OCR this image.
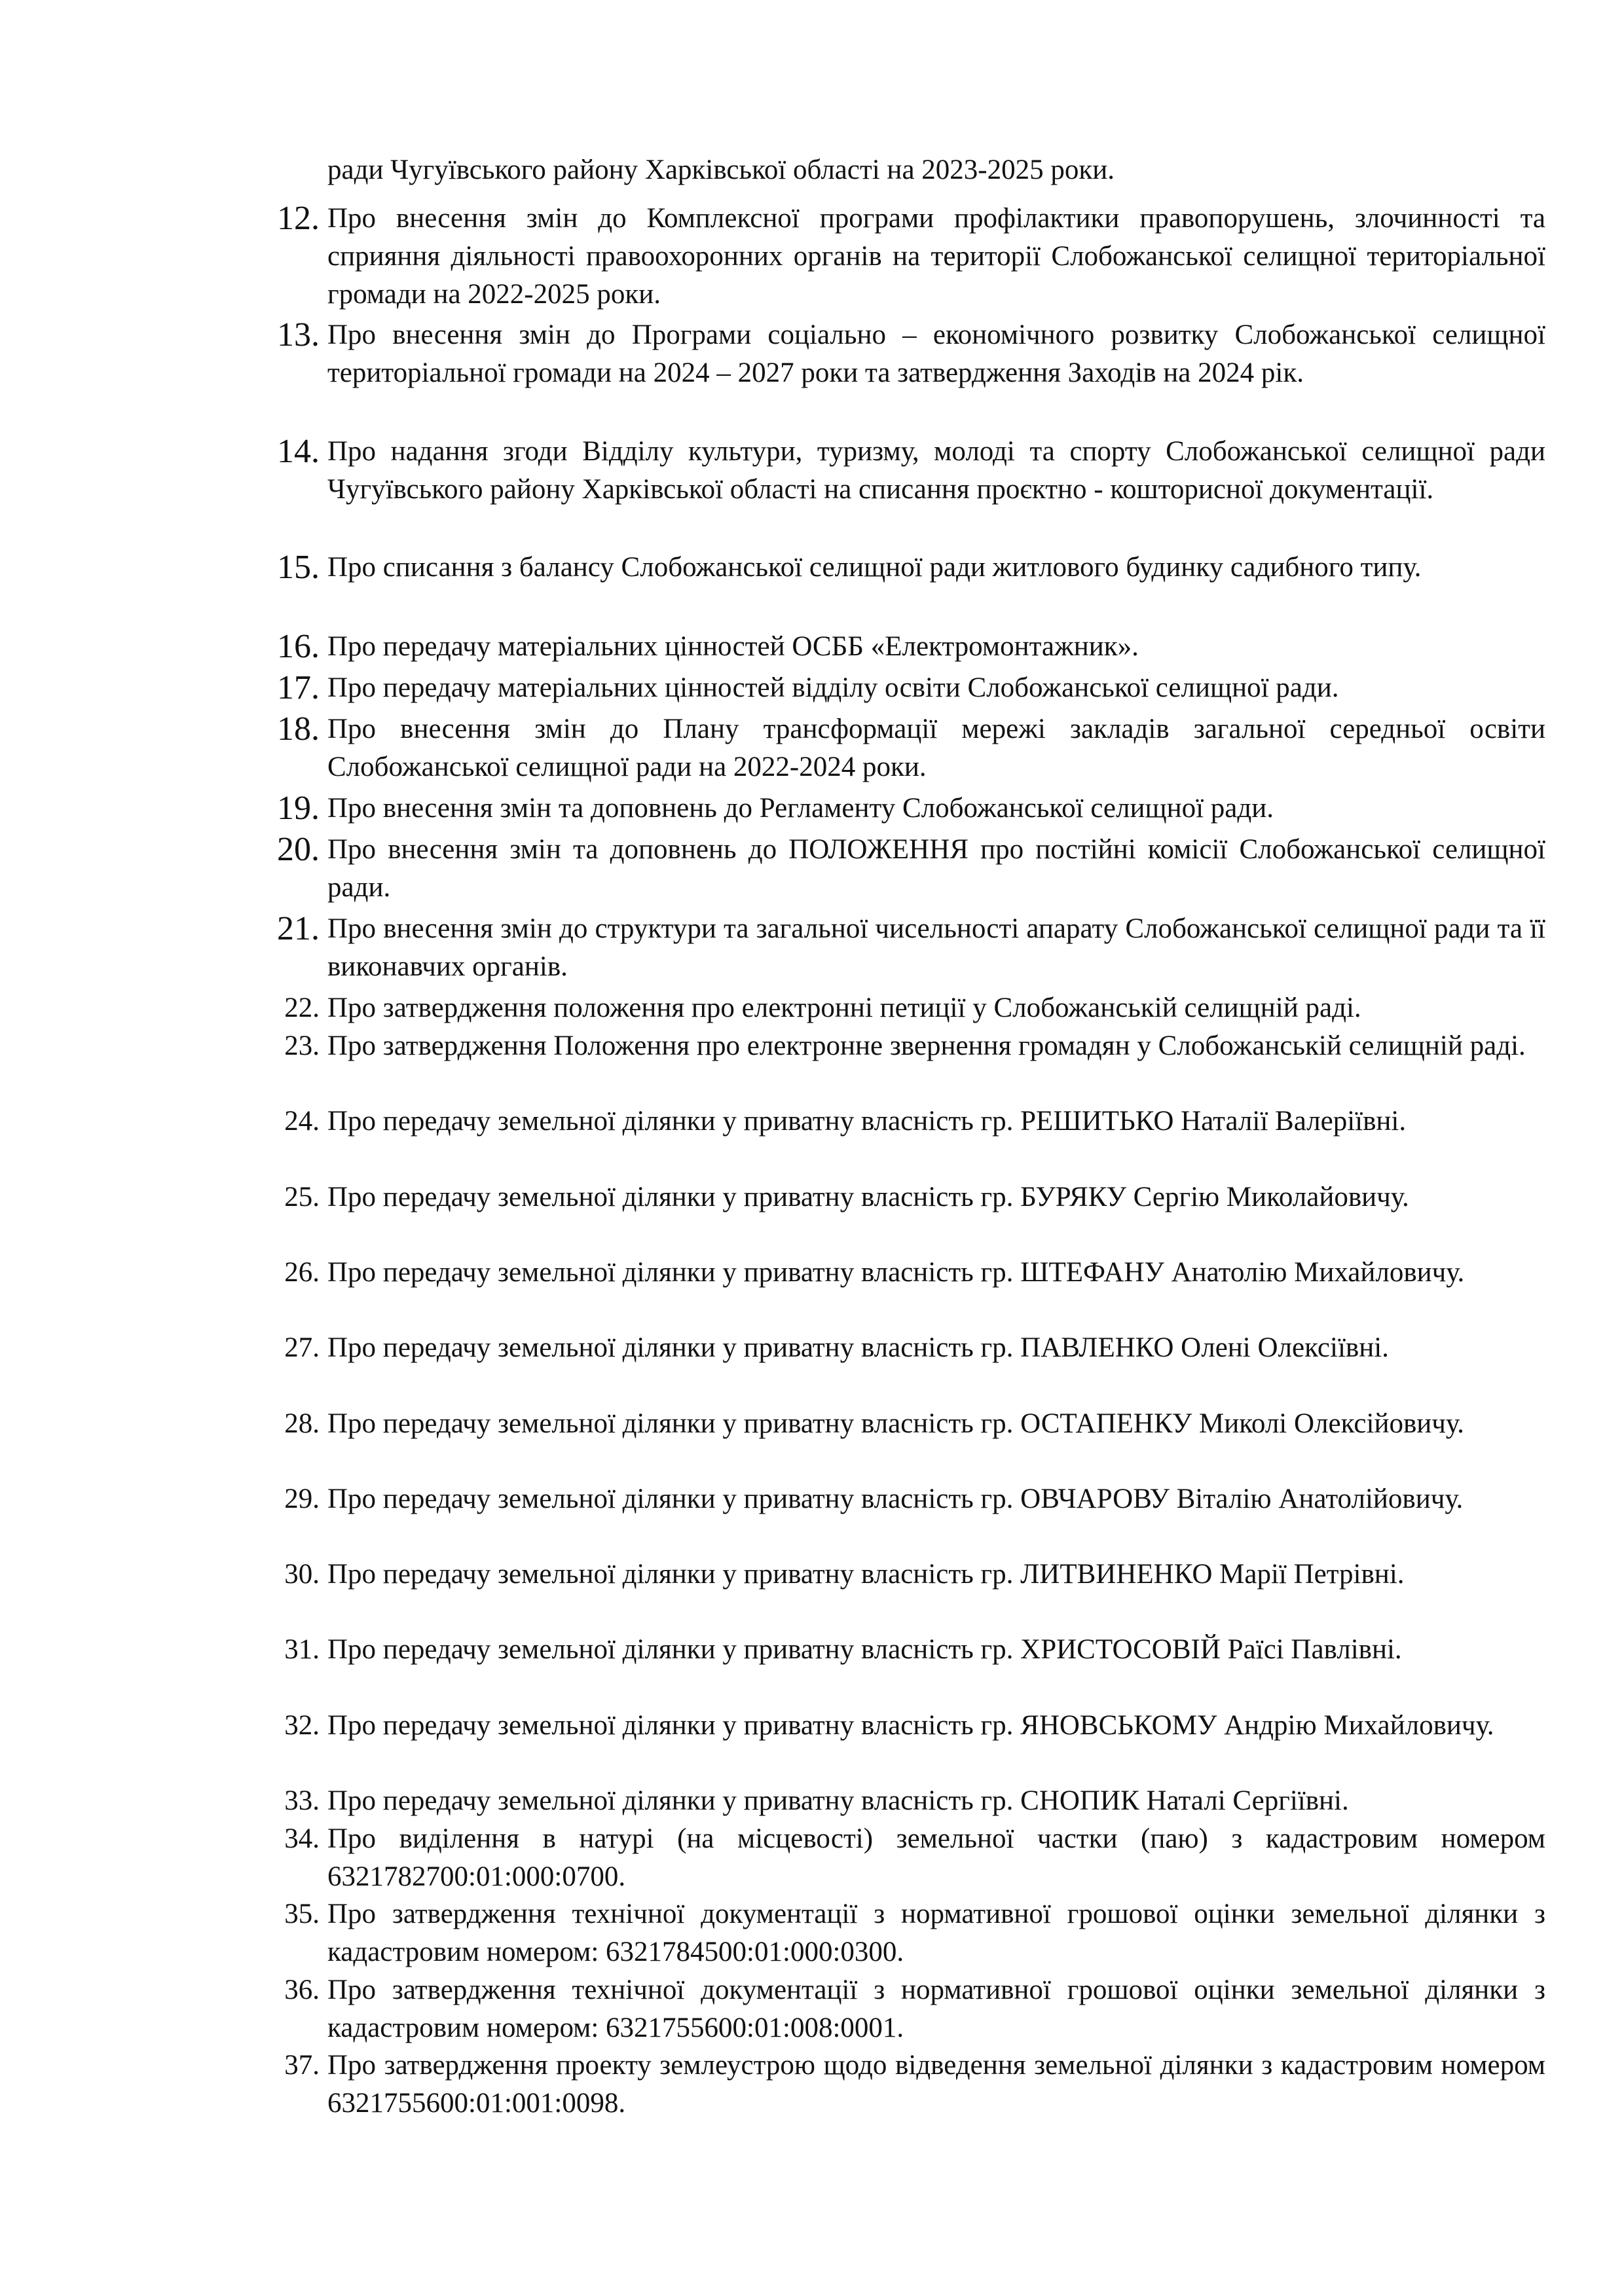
ради Чугуївського району Харківської області на 2023-2025 роки.
12. Про внесення змін до Комплексної програми профілактики правопорушень, злочинності та сприяння діяльності правоохоронних органів на території Слобожанської селищної територіальної громади на 2022-2025 роки.
13. Про внесення змін до Програми соціально – економічного розвитку Слобожанської селищної територіальної громади на 2024 – 2027 роки та затвердження Заходів на 2024 рік.
14. Про надання згоди Відділу культури, туризму, молоді та спорту Слобожанської селищної ради Чугуївського району Харківської області на списання проєктно - кошторисної документації.
15. Про списання з балансу Слобожанської селищної ради житлового будинку садибного типу.
16. Про передачу матеріальних цінностей ОСББ «Електромонтажник».
17. Про передачу матеріальних цінностей відділу освіти Слобожанської селищної ради.
18. Про внесення змін до Плану трансформації мережі закладів загальної середньої освіти Слобожанської селищної ради на 2022-2024 роки.
19. Про внесення змін та доповнень до Регламенту Слобожанської селищної ради.
20. Про внесення змін та доповнень до ПОЛОЖЕННЯ про постійні комісії Слобожанської селищної ради.
21. Про внесення змін до структури та загальної чисельності апарату Слобожанської селищної ради та її виконавчих органів.
22. Про затвердження положення про електронні петиції у Слобожанській селищній раді.
23. Про затвердження Положення про електронне звернення громадян у Слобожанській селищній раді.
24. Про передачу земельної ділянки у приватну власність гр. РЕШИТЬКО Наталії Валеріївні.
25. Про передачу земельної ділянки у приватну власність гр. БУРЯКУ Сергію Миколайовичу.
26. Про передачу земельної ділянки у приватну власність гр. ШТЕФАНУ Анатолію Михайловичу.
27. Про передачу земельної ділянки у приватну власність гр. ПАВЛЕНКО Олені Олексіївні.
28. Про передачу земельної ділянки у приватну власність гр. ОСТАПЕНКУ Миколі Олексійовичу.
29. Про передачу земельної ділянки у приватну власність гр. ОВЧАРОВУ Віталію Анатолійовичу.
30. Про передачу земельної ділянки у приватну власність гр. ЛИТВИНЕНКО Марії Петрівні.
31. Про передачу земельної ділянки у приватну власність гр. ХРИСТОСОВІЙ Раїсі Павлівні.
32. Про передачу земельної ділянки у приватну власність гр. ЯНОВСЬКОМУ Андрію Михайловичу.
33. Про передачу земельної ділянки у приватну власність гр. СНОПИК Наталі Сергіївні.
34. Про виділення в натурі (на місцевості) земельної частки (паю) з кадастровим номером 6321782700:01:000:0700.
35. Про затвердження технічної документації з нормативної грошової оцінки земельної ділянки з кадастровим номером: 6321784500:01:000:0300.
36. Про затвердження технічної документації з нормативної грошової оцінки земельної ділянки з кадастровим номером: 6321755600:01:008:0001.
37. Про затвердження проекту землеустрою щодо відведення земельної ділянки з кадастровим номером 6321755600:01:001:0098.
